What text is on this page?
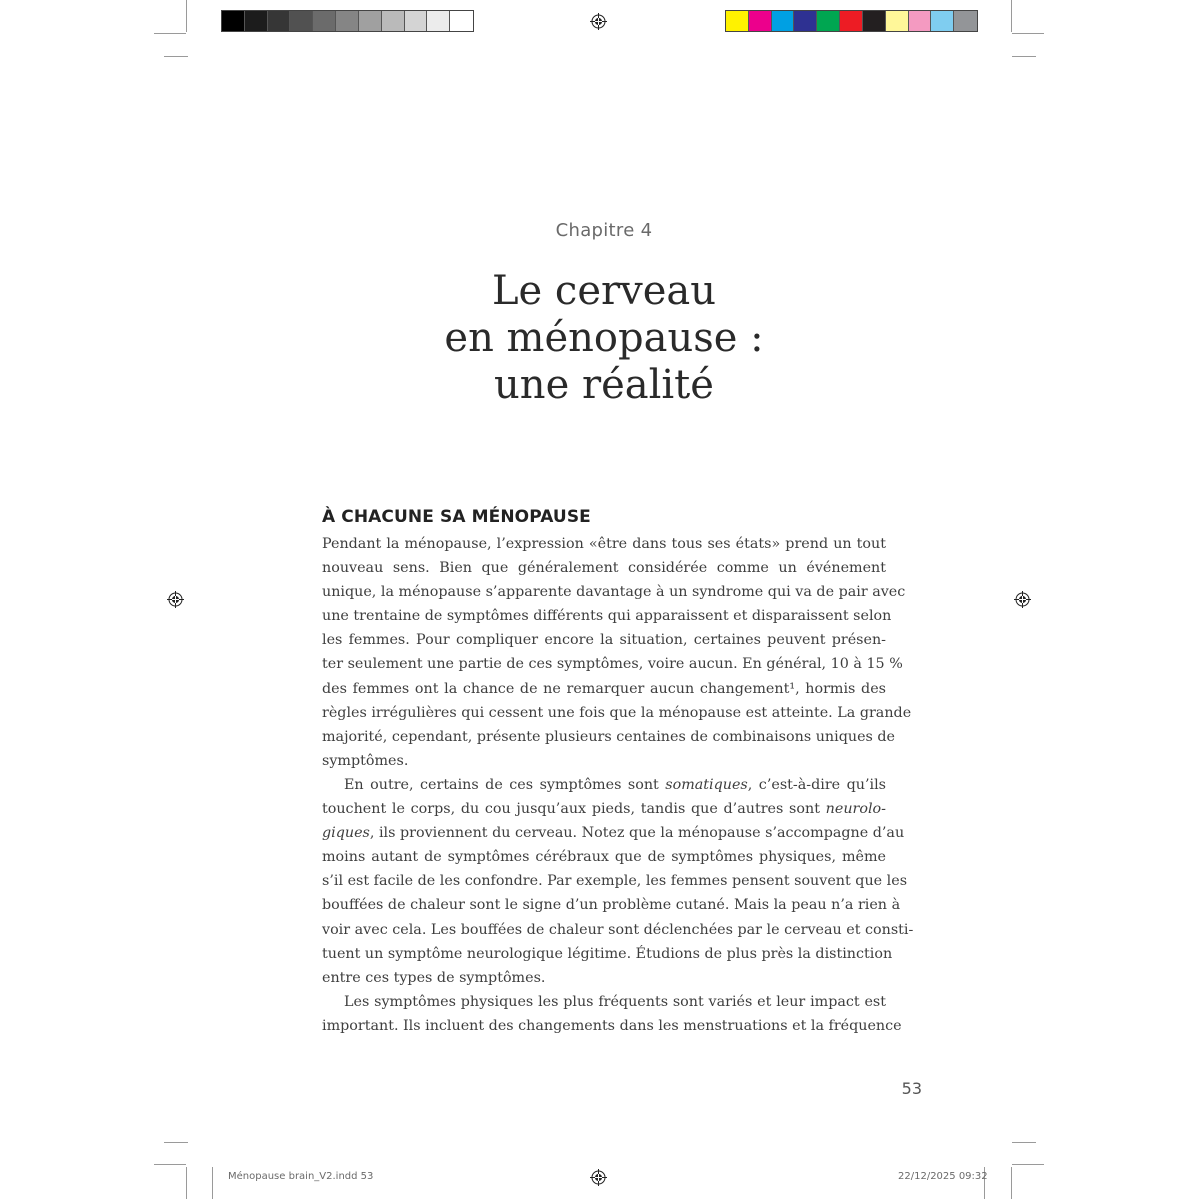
Chapitre 4
Le cerveau
en ménopause :
une réalité
À CHACUNE SA MÉNOPAUSE
Pendant la ménopause, l’expression «être dans tous ses états» prend un tout
nouveau sens. Bien que généralement considérée comme un événement
unique, la ménopause s’apparente davantage à un syndrome qui va de pair avec
une trentaine de symptômes différents qui apparaissent et disparaissent selon
les femmes. Pour compliquer encore la situation, certaines peuvent présen-
ter seulement une partie de ces symptômes, voire aucun. En général, 10 à 15 %
des femmes ont la chance de ne remarquer aucun changement¹, hormis des
règles irrégulières qui cessent une fois que la ménopause est atteinte. La grande
majorité, cependant, présente plusieurs centaines de combinaisons uniques de
symptômes.
En outre, certains de ces symptômes sont somatiques, c’est-à-dire qu’ils
touchent le corps, du cou jusqu’aux pieds, tandis que d’autres sont neurolo-
giques, ils proviennent du cerveau. Notez que la ménopause s’accompagne d’au
moins autant de symptômes cérébraux que de symptômes physiques, même
s’il est facile de les confondre. Par exemple, les femmes pensent souvent que les
bouffées de chaleur sont le signe d’un problème cutané. Mais la peau n’a rien à
voir avec cela. Les bouffées de chaleur sont déclenchées par le cerveau et consti-
tuent un symptôme neurologique légitime. Étudions de plus près la distinction
entre ces types de symptômes.
Les symptômes physiques les plus fréquents sont variés et leur impact est
important. Ils incluent des changements dans les menstruations et la fréquence
53
Ménopause brain_V2.indd 53	22/12/2025 09:32
